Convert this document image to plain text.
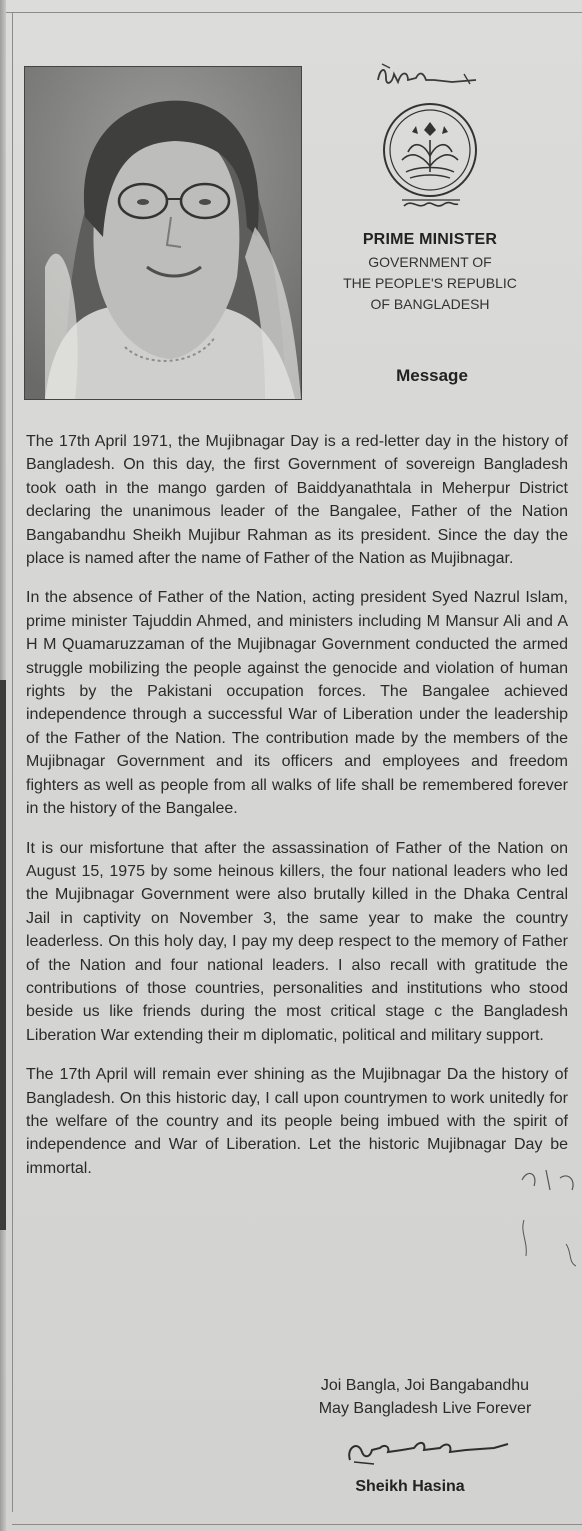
PRIME MINISTER
GOVERNMENT OF
THE PEOPLE'S REPUBLIC
OF BANGLADESH
Message

The 17th April 1971, the Mujibnagar Day is a red-letter day in the history of Bangladesh. On this day, the first Government of sovereign Bangladesh took oath in the mango garden of Baiddyanathtala in Meherpur District declaring the unanimous leader of the Bangalee, Father of the Nation Bangabandhu Sheikh Mujibur Rahman as its president. Since the day the place is named after the name of Father of the Nation as Mujibnagar.

In the absence of Father of the Nation, acting president Syed Nazrul Islam, prime minister Tajuddin Ahmed, and ministers including M Mansur Ali and A H M Quamaruzzaman of the Mujibnagar Government conducted the armed struggle mobilizing the people against the genocide and violation of human rights by the Pakistani occupation forces. The Bangalee achieved independence through a successful War of Liberation under the leadership of the Father of the Nation. The contribution made by the members of the Mujibnagar Government and its officers and employees and freedom fighters as well as people from all walks of life shall be remembered forever in the history of the Bangalee.

It is our misfortune that after the assassination of Father of the Nation on August 15, 1975 by some heinous killers, the four national leaders who led the Mujibnagar Government were also brutally killed in the Dhaka Central Jail in captivity on November 3, the same year to make the country leaderless. On this holy day, I pay my deep respect to the memory of Father of the Nation and four national leaders. I also recall with gratitude the contributions of those countries, personalities and institutions who stood beside us like friends during the most critical stage c the Bangladesh Liberation War extending their m diplomatic, political and military support.

The 17th April will remain ever shining as the Mujibnagar Da the history of Bangladesh. On this historic day, I call upon countrymen to work unitedly for the welfare of the country and its people being imbued with the spirit of independence and War of Liberation. Let the historic Mujibnagar Day be immortal.

Joi Bangla, Joi Bangabandhu
May Bangladesh Live Forever
Sheikh Hasina
